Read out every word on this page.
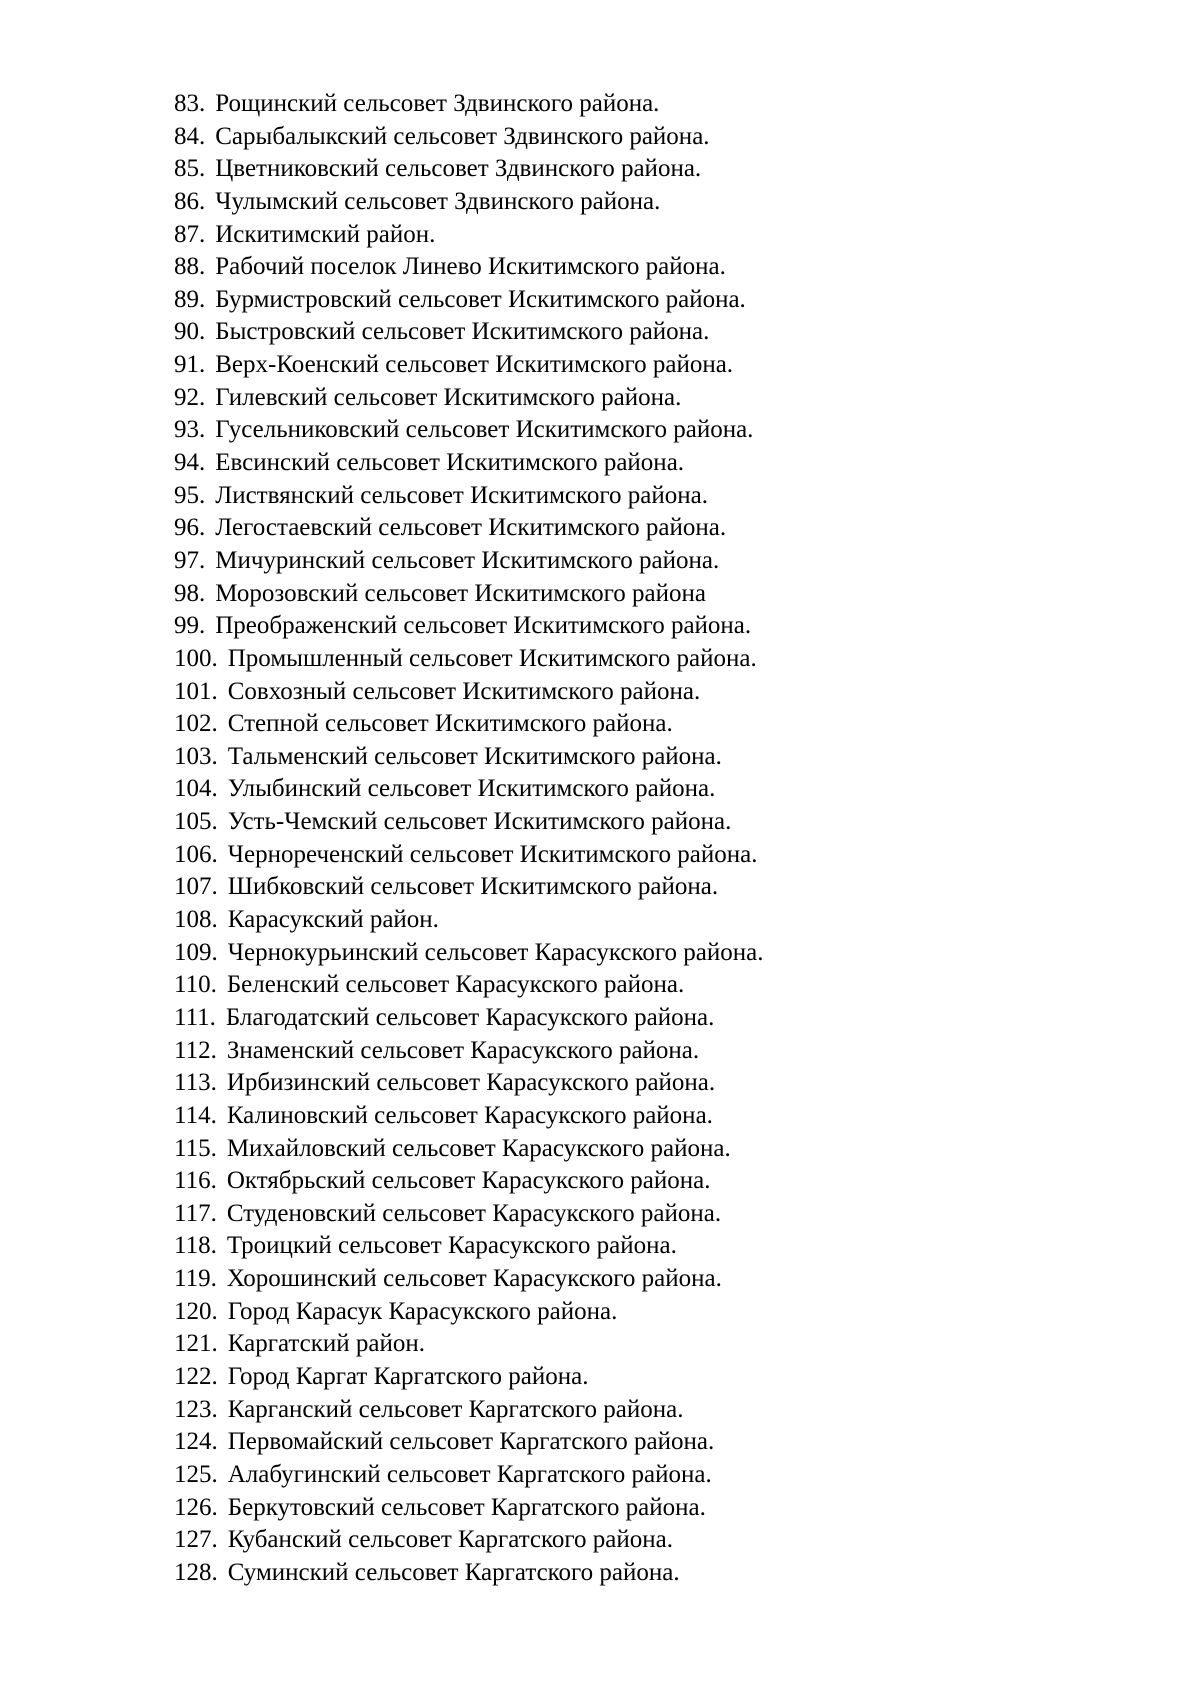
83. Рощинский сельсовет Здвинского района.
84. Сарыбалыкский сельсовет Здвинского района.
85. Цветниковский сельсовет Здвинского района.
86. Чулымский сельсовет Здвинского района.
87. Искитимский район.
88. Рабочий поселок Линево Искитимского района.
89. Бурмистровский сельсовет Искитимского района.
90. Быстровский сельсовет Искитимского района.
91. Верх-Коенский сельсовет Искитимского района.
92. Гилевский сельсовет Искитимского района.
93. Гусельниковский сельсовет Искитимского района.
94. Евсинский сельсовет Искитимского района.
95. Листвянский сельсовет Искитимского района.
96. Легостаевский сельсовет Искитимского района.
97. Мичуринский сельсовет Искитимского района.
98. Морозовский сельсовет Искитимского района
99. Преображенский сельсовет Искитимского района.
100. Промышленный сельсовет Искитимского района.
101. Совхозный сельсовет Искитимского района.
102. Степной сельсовет Искитимского района.
103. Тальменский сельсовет Искитимского района.
104. Улыбинский сельсовет Искитимского района.
105. Усть-Чемский сельсовет Искитимского района.
106. Чернореченский сельсовет Искитимского района.
107. Шибковский сельсовет Искитимского района.
108. Карасукский район.
109. Чернокурьинский сельсовет Карасукского района.
110. Беленский сельсовет Карасукского района.
111. Благодатский сельсовет Карасукского района.
112. Знаменский сельсовет Карасукского района.
113. Ирбизинский сельсовет Карасукского района.
114. Калиновский сельсовет Карасукского района.
115. Михайловский сельсовет Карасукского района.
116. Октябрьский сельсовет Карасукского района.
117. Студеновский сельсовет Карасукского района.
118. Троицкий сельсовет Карасукского района.
119. Хорошинский сельсовет Карасукского района.
120. Город Карасук Карасукского района.
121. Каргатский район.
122. Город Каргат Каргатского района.
123. Карганский сельсовет Каргатского района.
124. Первомайский сельсовет Каргатского района.
125. Алабугинский сельсовет Каргатского района.
126. Беркутовский сельсовет Каргатского района.
127. Кубанский сельсовет Каргатского района.
128. Суминский сельсовет Каргатского района.
